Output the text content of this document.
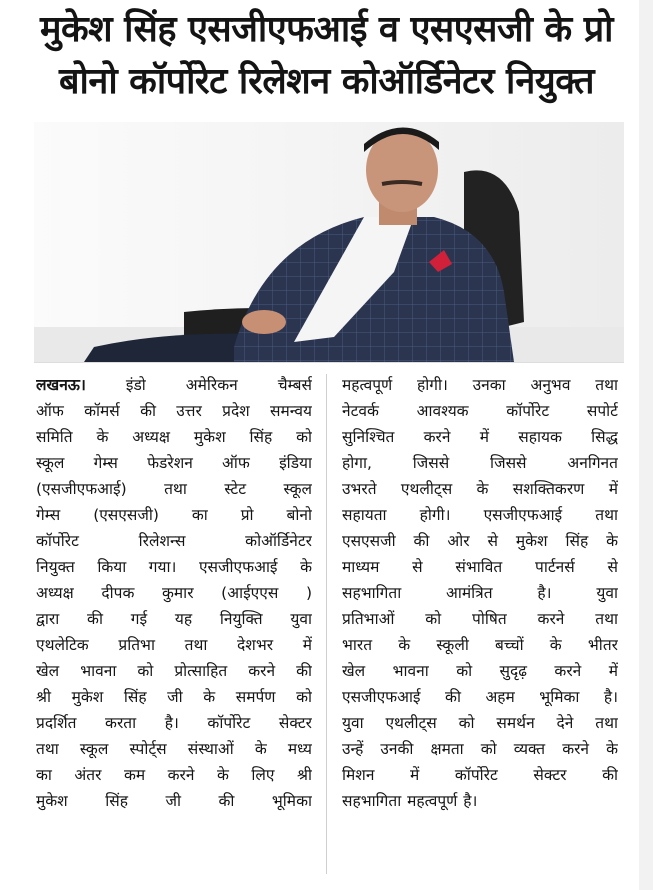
मुकेश सिंह एसजीएफआई व एसएसजी के प्रो
बोनो कॉर्पोरेट रिलेशन कोऑर्डिनेटर नियुक्त
लखनऊ।	इंडो अमेरिकन चैम्बर्स
ऑफ कॉमर्स की उत्तर प्रदेश समन्वय
समिति के अध्यक्ष मुकेश सिंह को
स्कूल गेम्स फेडरेशन ऑफ इंडिया
(एसजीएफआई) तथा स्टेट स्कूल
गेम्स (एसएसजी) का प्रो बोनो
कॉर्पोरेट रिलेशन्स कोऑर्डिनेटर
नियुक्त किया गया। एसजीएफआई के
अध्यक्ष दीपक कुमार (आईएएस )
द्वारा की गई यह नियुक्ति युवा
एथलेटिक प्रतिभा तथा देशभर में
खेल भावना को प्रोत्साहित करने की
श्री मुकेश सिंह जी के समर्पण को
प्रदर्शित करता है। कॉर्पोरेट सेक्टर
तथा स्कूल स्पोर्ट्स संस्थाओं के मध्य
का अंतर कम करने के लिए श्री
मुकेश सिंह जी की भूमिका
महत्वपूर्ण होगी। उनका अनुभव तथा
नेटवर्क आवश्यक कॉर्पोरेट सपोर्ट
सुनिश्चित करने में सहायक सिद्ध
होगा, जिससे जिससे अनगिनत
उभरते एथलीट्स के सशक्तिकरण में
सहायता होगी। एसजीएफआई तथा
एसएसजी की ओर से मुकेश सिंह के
माध्यम से संभावित पार्टनर्स से
सहभागिता आमंत्रित है। युवा
प्रतिभाओं को पोषित करने तथा
भारत के स्कूली बच्चों के भीतर
खेल भावना को सुदृढ़ करने में
एसजीएफआई की अहम भूमिका है।
युवा एथलीट्स को समर्थन देने तथा
उन्हें उनकी क्षमता को व्यक्त करने के
मिशन में कॉर्पोरेट सेक्टर की
सहभागिता महत्वपूर्ण है।
